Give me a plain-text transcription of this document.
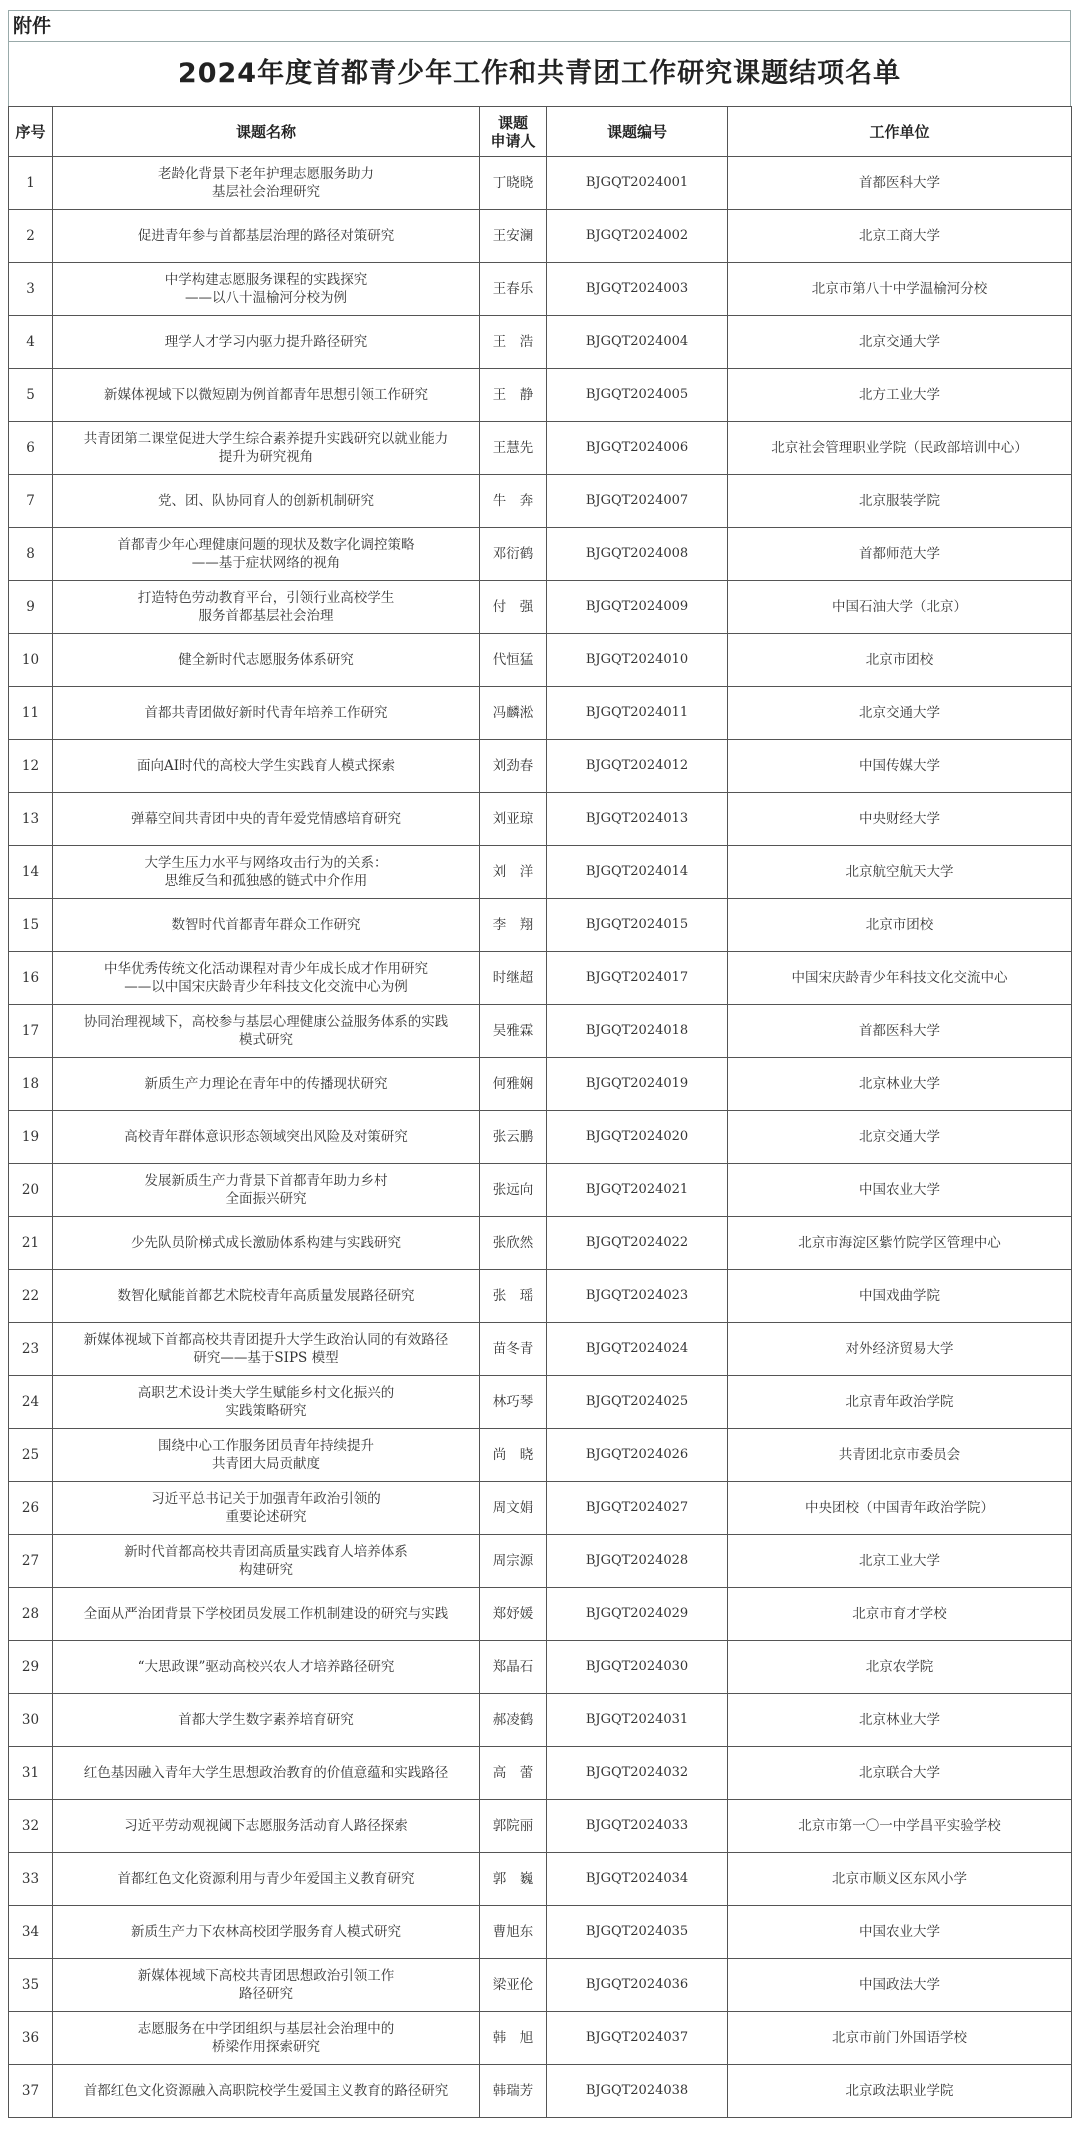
附件
2024年度首都青少年工作和共青团工作研究课题结项名单
序号	课题名称	课题
申请人	课题编号	工作单位
1	老龄化背景下老年护理志愿服务助力
基层社会治理研究	丁晓晓	BJGQT2024001	首都医科大学
2	促进青年参与首都基层治理的路径对策研究	王安澜	BJGQT2024002	北京工商大学
3	中学构建志愿服务课程的实践探究
——以八十温榆河分校为例	王春乐	BJGQT2024003	北京市第八十中学温榆河分校
4	理学人才学习内驱力提升路径研究	王　浩	BJGQT2024004	北京交通大学
5	新媒体视域下以微短剧为例首都青年思想引领工作研究	王　静	BJGQT2024005	北方工业大学
6	共青团第二课堂促进大学生综合素养提升实践研究以就业能力
提升为研究视角	王慧先	BJGQT2024006	北京社会管理职业学院（民政部培训中心）
7	党、团、队协同育人的创新机制研究	牛　奔	BJGQT2024007	北京服装学院
8	首都青少年心理健康问题的现状及数字化调控策略
——基于症状网络的视角	邓衍鹤	BJGQT2024008	首都师范大学
9	打造特色劳动教育平台，引领行业高校学生
服务首都基层社会治理	付　强	BJGQT2024009	中国石油大学（北京）
10	健全新时代志愿服务体系研究	代恒猛	BJGQT2024010	北京市团校
11	首都共青团做好新时代青年培养工作研究	冯麟淞	BJGQT2024011	北京交通大学
12	面向AI时代的高校大学生实践育人模式探索	刘劲春	BJGQT2024012	中国传媒大学
13	弹幕空间共青团中央的青年爱党情感培育研究	刘亚琼	BJGQT2024013	中央财经大学
14	大学生压力水平与网络攻击行为的关系：
思维反刍和孤独感的链式中介作用	刘　洋	BJGQT2024014	北京航空航天大学
15	数智时代首都青年群众工作研究	李　翔	BJGQT2024015	北京市团校
16	中华优秀传统文化活动课程对青少年成长成才作用研究
——以中国宋庆龄青少年科技文化交流中心为例	时继超	BJGQT2024017	中国宋庆龄青少年科技文化交流中心
17	协同治理视域下，高校参与基层心理健康公益服务体系的实践
模式研究	吴雅霖	BJGQT2024018	首都医科大学
18	新质生产力理论在青年中的传播现状研究	何雅娴	BJGQT2024019	北京林业大学
19	高校青年群体意识形态领域突出风险及对策研究	张云鹏	BJGQT2024020	北京交通大学
20	发展新质生产力背景下首都青年助力乡村
全面振兴研究	张远向	BJGQT2024021	中国农业大学
21	少先队员阶梯式成长激励体系构建与实践研究	张欣然	BJGQT2024022	北京市海淀区紫竹院学区管理中心
22	数智化赋能首都艺术院校青年高质量发展路径研究	张　瑶	BJGQT2024023	中国戏曲学院
23	新媒体视域下首都高校共青团提升大学生政治认同的有效路径
研究——基于SIPS 模型	苗冬青	BJGQT2024024	对外经济贸易大学
24	高职艺术设计类大学生赋能乡村文化振兴的
实践策略研究	林巧琴	BJGQT2024025	北京青年政治学院
25	围绕中心工作服务团员青年持续提升
共青团大局贡献度	尚　晓	BJGQT2024026	共青团北京市委员会
26	习近平总书记关于加强青年政治引领的
重要论述研究	周文娟	BJGQT2024027	中央团校（中国青年政治学院）
27	新时代首都高校共青团高质量实践育人培养体系
构建研究	周宗源	BJGQT2024028	北京工业大学
28	全面从严治团背景下学校团员发展工作机制建设的研究与实践	郑妤媛	BJGQT2024029	北京市育才学校
29	“大思政课”驱动高校兴农人才培养路径研究	郑晶石	BJGQT2024030	北京农学院
30	首都大学生数字素养培育研究	郝凌鹤	BJGQT2024031	北京林业大学
31	红色基因融入青年大学生思想政治教育的价值意蕴和实践路径	高　蕾	BJGQT2024032	北京联合大学
32	习近平劳动观视阈下志愿服务活动育人路径探索	郭院丽	BJGQT2024033	北京市第一〇一中学昌平实验学校
33	首都红色文化资源利用与青少年爱国主义教育研究	郭　巍	BJGQT2024034	北京市顺义区东风小学
34	新质生产力下农林高校团学服务育人模式研究	曹旭东	BJGQT2024035	中国农业大学
35	新媒体视域下高校共青团思想政治引领工作
路径研究	梁亚伦	BJGQT2024036	中国政法大学
36	志愿服务在中学团组织与基层社会治理中的
桥梁作用探索研究	韩　旭	BJGQT2024037	北京市前门外国语学校
37	首都红色文化资源融入高职院校学生爱国主义教育的路径研究	韩瑞芳	BJGQT2024038	北京政法职业学院
